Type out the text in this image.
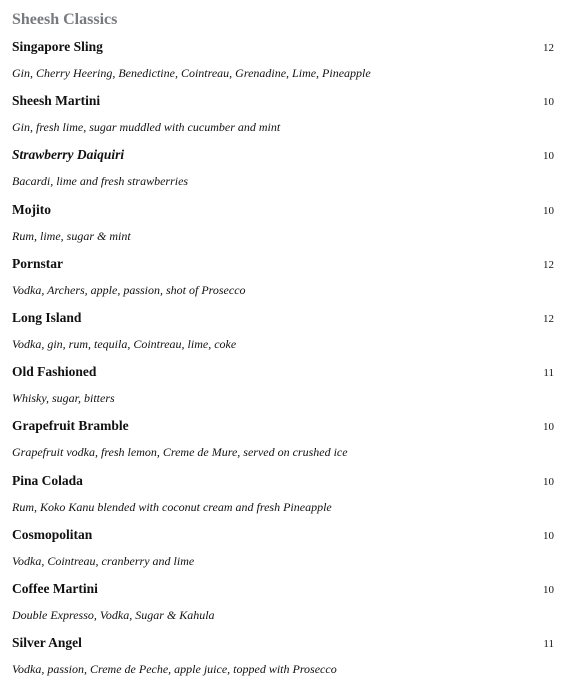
Sheesh Classics
Singapore Sling	12
Gin, Cherry Heering, Benedictine, Cointreau, Grenadine, Lime, Pineapple
Sheesh Martini	10
Gin, fresh lime, sugar muddled with cucumber and mint
Strawberry Daiquiri	10
Bacardi, lime and fresh strawberries
Mojito	10
Rum, lime, sugar & mint
Pornstar	12
Vodka, Archers, apple, passion, shot of Prosecco
Long Island	12
Vodka, gin, rum, tequila, Cointreau, lime, coke
Old Fashioned	11
Whisky, sugar, bitters
Grapefruit Bramble	10
Grapefruit vodka, fresh lemon, Creme de Mure, served on crushed ice
Pina Colada	10
Rum, Koko Kanu blended with coconut cream and fresh Pineapple
Cosmopolitan	10
Vodka, Cointreau, cranberry and lime
Coffee Martini	10
Double Expresso, Vodka, Sugar & Kahula
Silver Angel	11
Vodka, passion, Creme de Peche, apple juice, topped with Prosecco
